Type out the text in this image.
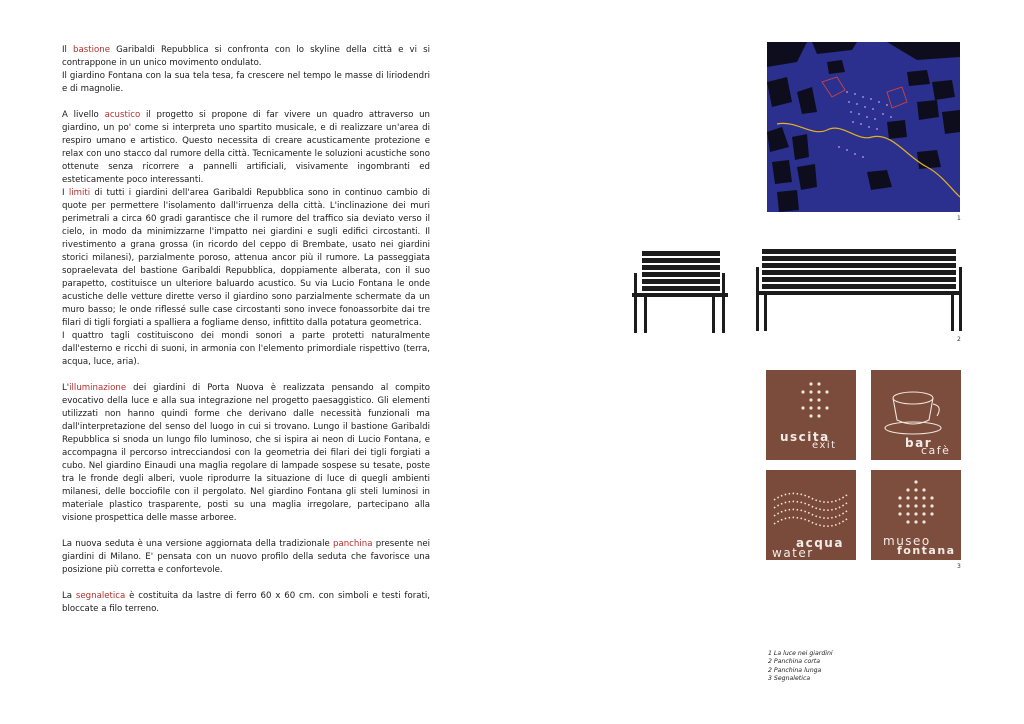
Il bastione Garibaldi Repubblica si confronta con lo skyline della città e vi si contrappone in un unico movimento ondulato.

Il giardino Fontana con la sua tela tesa, fa crescere nel tempo le masse di liriodendri e di magnolie.

A livello acustico il progetto si propone di far vivere un quadro attraverso un giardino, un po' come si interpreta uno spartito musicale, e di realizzare un'area di respiro umano e artistico. Questo necessita di creare acusticamente protezione e relax con uno stacco dal rumore della città. Tecnicamente le soluzioni acustiche sono ottenute senza ricorrere a pannelli artificiali, visivamente ingombranti ed esteticamente poco interessanti.

I limiti di tutti i giardini dell'area Garibaldi Repubblica sono in continuo cambio di quote per permettere l'isolamento dall'irruenza della città. L'inclinazione dei muri perimetrali a circa 60 gradi garantisce che il rumore del traffico sia deviato verso il cielo, in modo da minimizzarne l'impatto nei giardini e sugli edifici circostanti. Il rivestimento a grana grossa (in ricordo del ceppo di Brembate, usato nei giardini storici milanesi), parzialmente poroso, attenua ancor più il rumore. La passeggiata sopraelevata del bastione Garibaldi Repubblica, doppiamente alberata, con il suo parapetto, costituisce un ulteriore baluardo acustico. Su via Lucio Fontana le onde acustiche delle vetture dirette verso il giardino sono parzialmente schermate da un muro basso; le onde riflessé sulle case circostanti sono invece fonoassorbite dai tre filari di tigli forgiati a spalliera a fogliame denso, infittito dalla potatura geometrica.

I quattro tagli costituiscono dei mondi sonori a parte protetti naturalmente dall'esterno e ricchi di suoni, in armonia con l'elemento primordiale rispettivo (terra, acqua, luce, aria).

L'illuminazione dei giardini di Porta Nuova è realizzata pensando al compito evocativo della luce e alla sua integrazione nel progetto paesaggistico. Gli elementi utilizzati non hanno quindi forme che derivano dalle necessità funzionali ma dall'interpretazione del senso del luogo in cui si trovano. Lungo il bastione Garibaldi Repubblica si snoda un lungo filo luminoso, che si ispira ai neon di Lucio Fontana, e accompagna il percorso intrecciandosi con la geometria dei filari dei tigli forgiati a cubo. Nel giardino Einaudi una maglia regolare di lampade sospese su tesate, poste tra le fronde degli alberi, vuole riprodurre la situazione di luce di quegli ambienti milanesi, delle bocciofile con il pergolato. Nel giardino Fontana gli steli luminosi in materiale plastico trasparente, posti su una maglia irregolare, partecipano alla visione prospettica delle masse arboree.

La nuova seduta è una versione aggiornata della tradizionale panchina presente nei giardini di Milano. E' pensata con un nuovo profilo della seduta che favorisce una posizione più corretta e confortevole.

La segnaletica è costituita da lastre di ferro 60 x 60 cm. con simboli e testi forati, bloccate a filo terreno.

1
2
uscita
exit	bar
cafè
water
acqua	museo
fontana
3
1 La luce nei giardini
2 Panchina corta
2 Panchina lunga
3 Segnaletica
